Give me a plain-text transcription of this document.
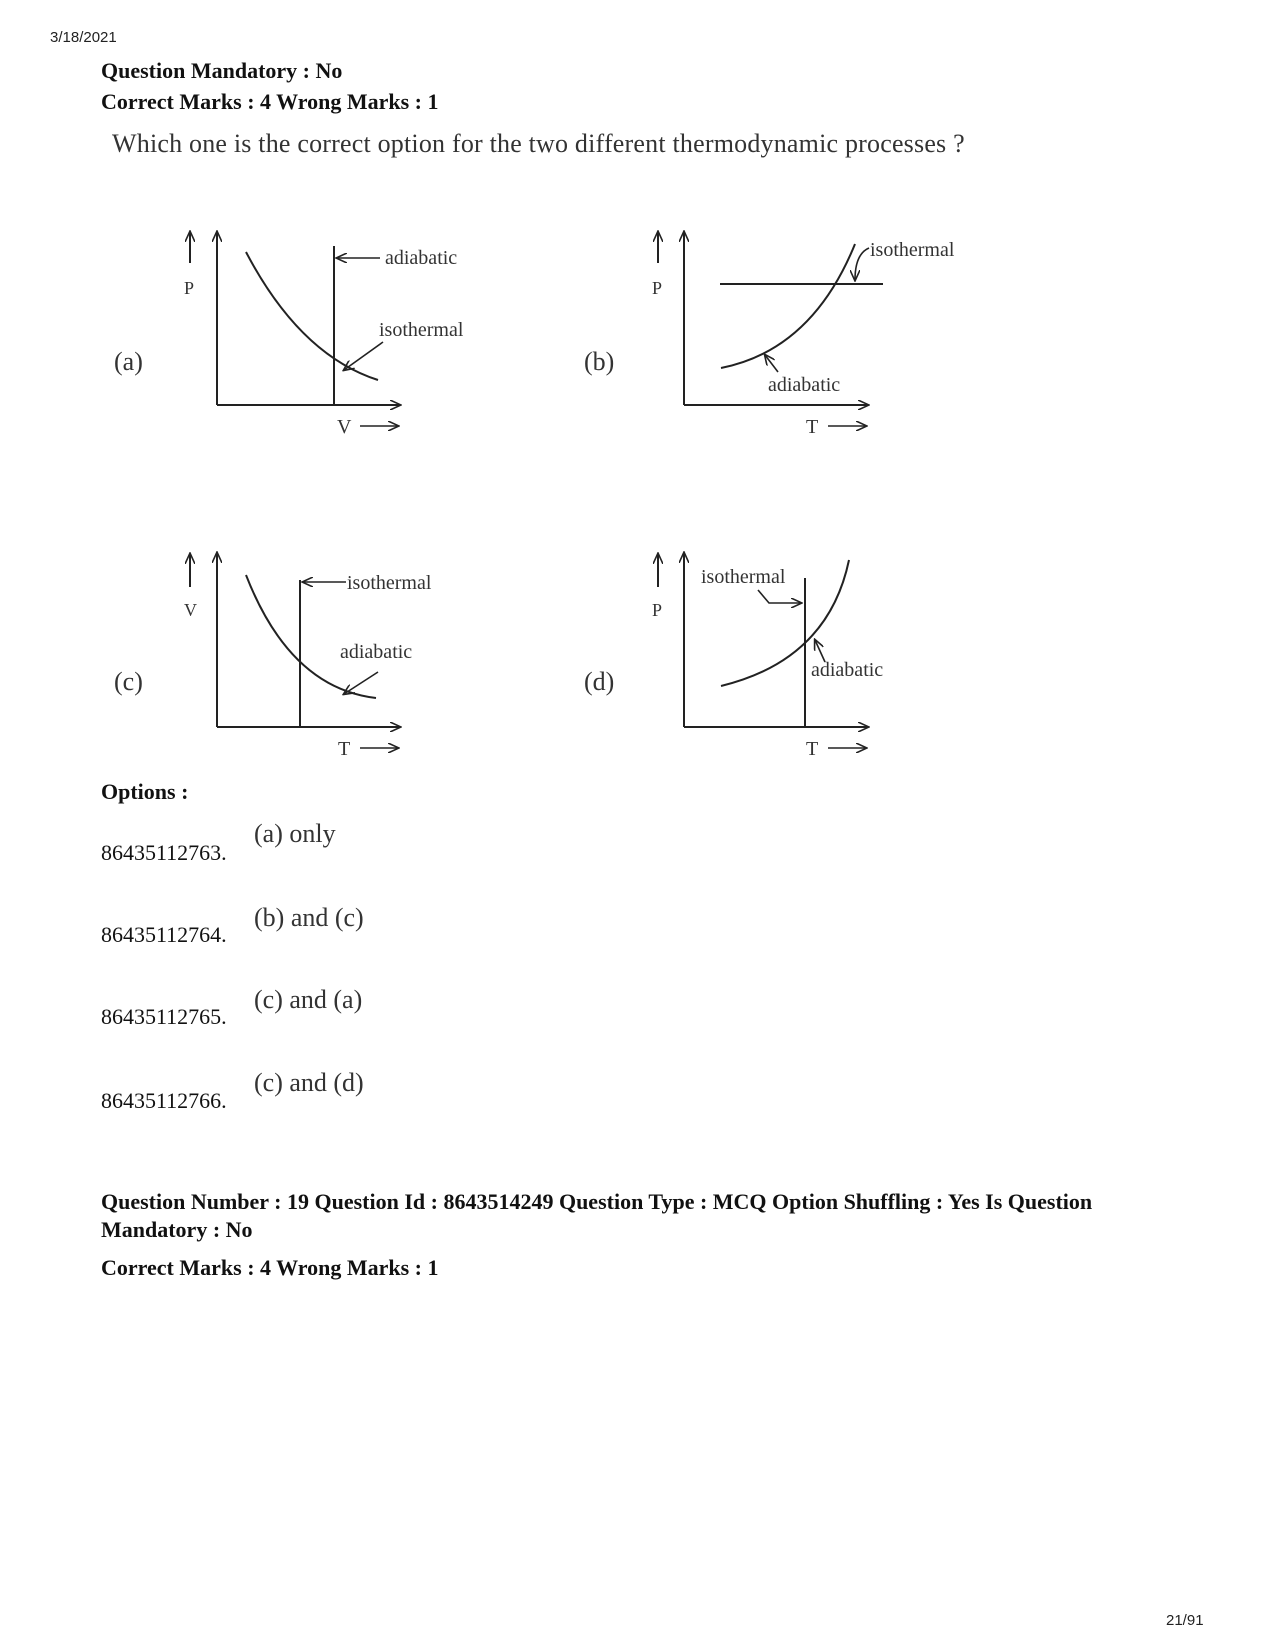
3/18/2021
Question Mandatory : No
Correct Marks : 4 Wrong Marks : 1
Which one is the correct option for the two different thermodynamic processes ?
(a)
P
V
adiabatic
isothermal
(b)
P
T
isothermal
adiabatic
(c)
V
T
isothermal
adiabatic
(d)
P
T
isothermal
adiabatic
Options :
86435112763.
(a) only
86435112764.
(b) and (c)
86435112765.
(c) and (a)
86435112766.
(c) and (d)
Question Number : 19 Question Id : 8643514249 Question Type : MCQ Option Shuffling : Yes Is Question Mandatory : No
Correct Marks : 4 Wrong Marks : 1
21/91
